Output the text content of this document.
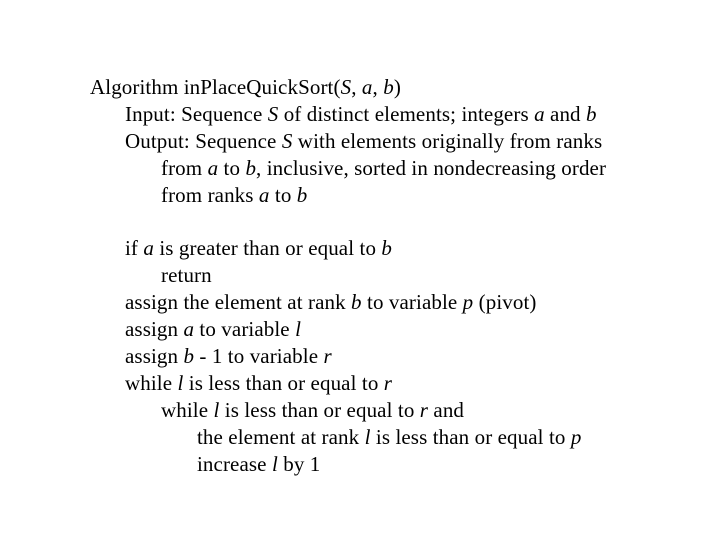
Algorithm inPlaceQuickSort(S, a, b)
Input: Sequence S of distinct elements; integers a and b
Output: Sequence S with elements originally from ranks
from a to b, inclusive, sorted in nondecreasing order
from ranks a to b
if a is greater than or equal to b
return
assign the element at rank b to variable p (pivot)
assign a to variable l
assign b - 1 to variable r
while l is less than or equal to r
while l is less than or equal to r and
the element at rank l is less than or equal to p
increase l by 1
